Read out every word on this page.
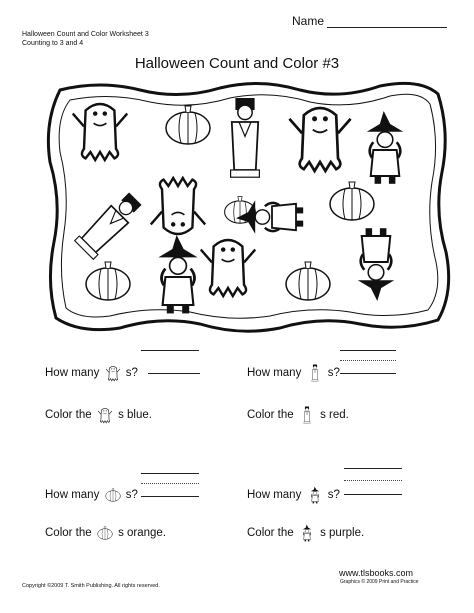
Name
Halloween Count and Color Worksheet 3
Counting to 3 and 4
Halloween Count and Color #3
How many s?	How many s?
Color the s blue.	Color the s red.
How many s?	How many s?
Color the s orange.	Color the s purple.
Copyright ©2009 T. Smith Publishing. All rights reserved.
www.tlsbooks.com
Graphics © 2009 Print and Practice
